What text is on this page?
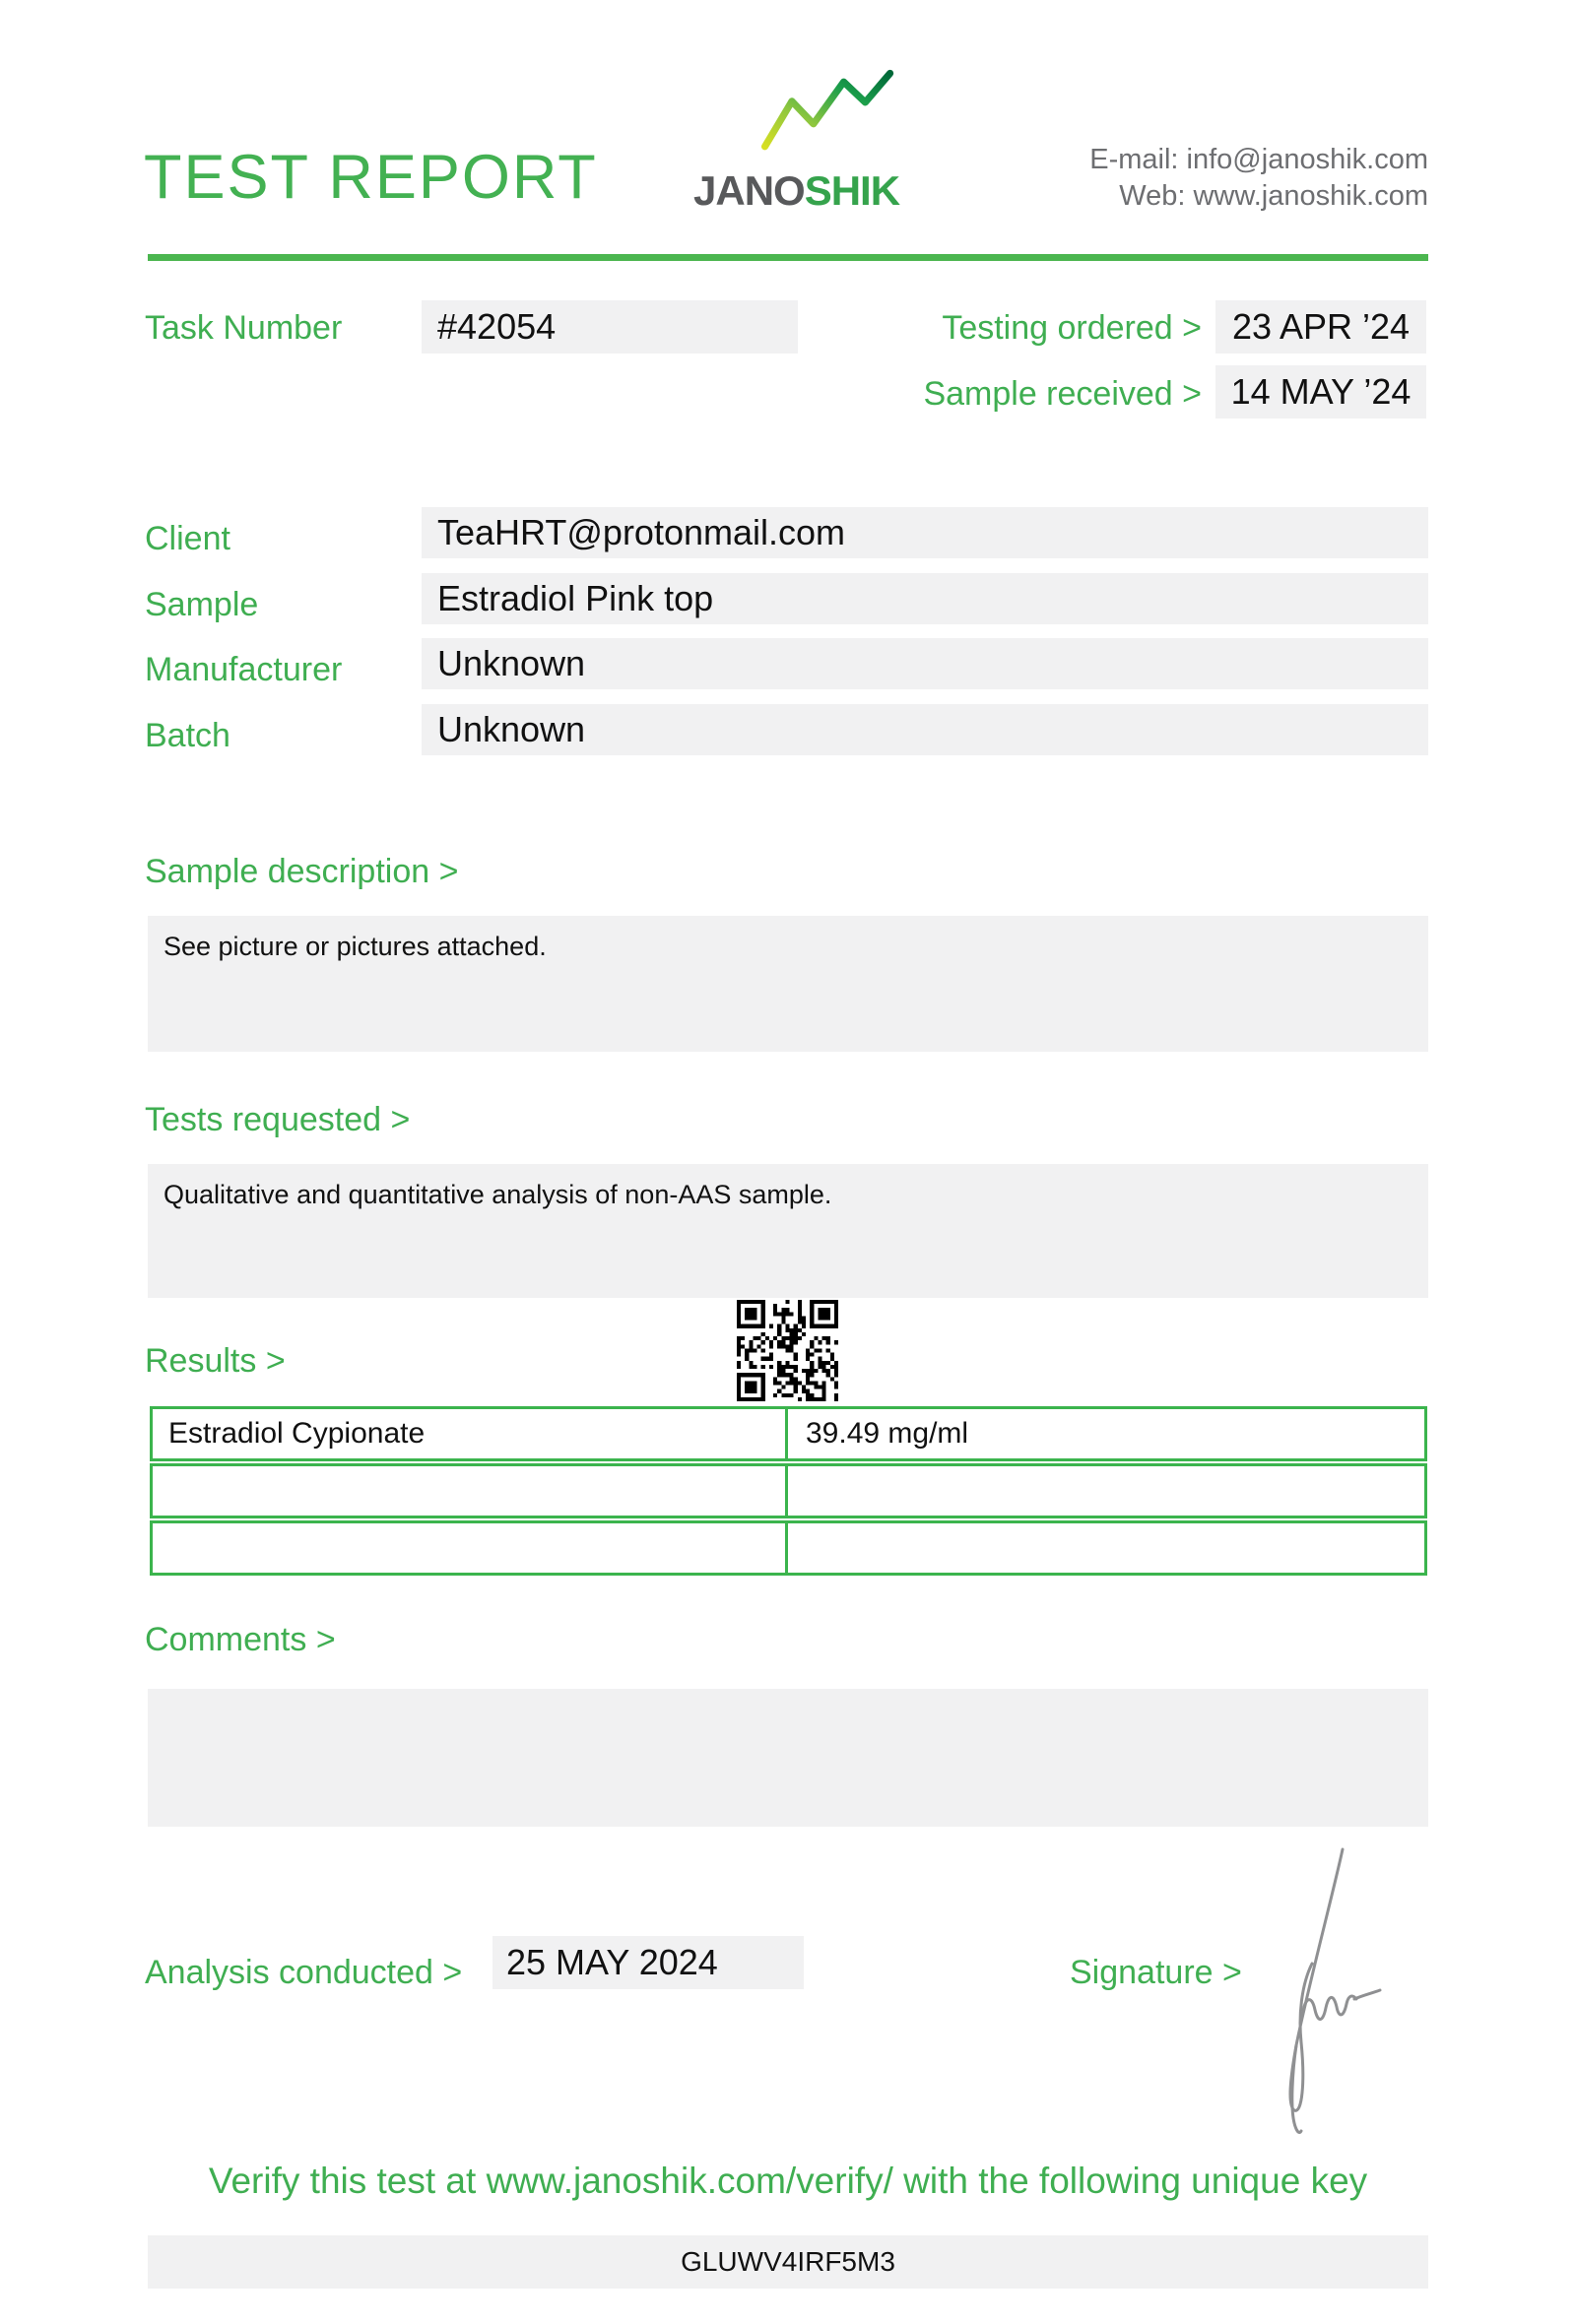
TEST REPORT JANOSHIK
E-mail: info@janoshik.com
Web: www.janoshik.com
Task Number	#42054	Testing ordered > 23 APR ’24
Sample received > 14 MAY ’24
Client	TeaHRT@protonmail.com
Sample	Estradiol Pink top
Manufacturer	Unknown
Batch	Unknown
Sample description >
See picture or pictures attached.
Tests requested >
Qualitative and quantitative analysis of non-AAS sample.
Results >
Estradiol Cypionate	39.49 mg/ml
Comments >
Analysis conducted >	25 MAY 2024	Signature >
Verify this test at www.janoshik.com/verify/ with the following unique key
GLUWV4IRF5M3
